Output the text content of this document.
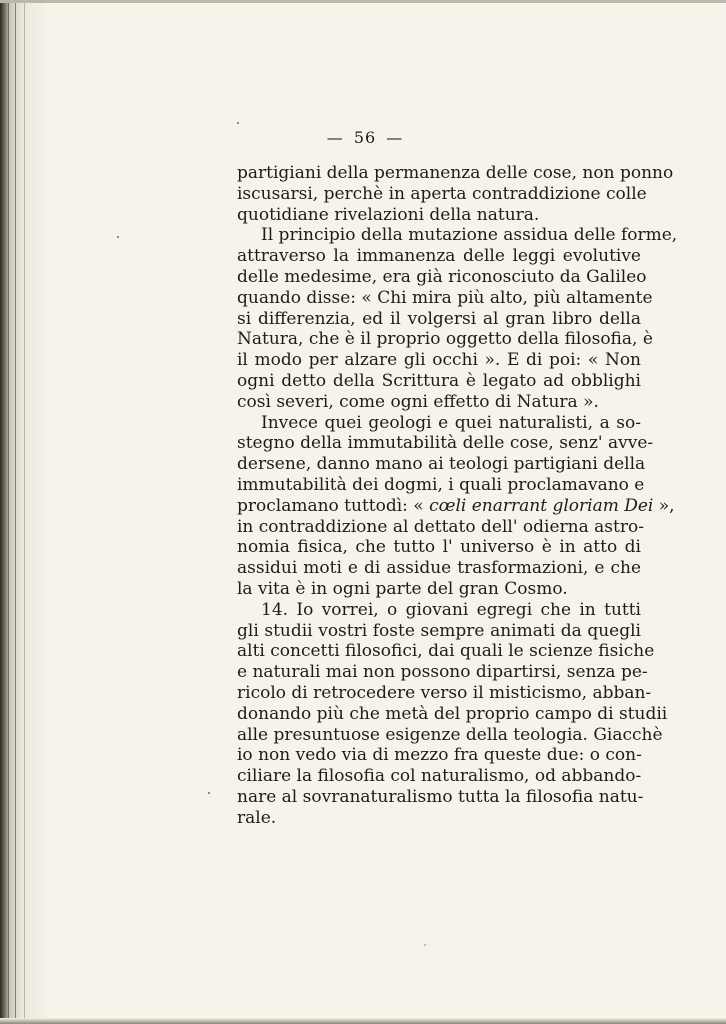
— 56 —
partigiani della permanenza delle cose, non ponno
iscusarsi, perchè in aperta contraddizione colle
quotidiane rivelazioni della natura.
Il principio della mutazione assidua delle forme,
attraverso la immanenza delle leggi evolutive
delle medesime, era già riconosciuto da Galileo
quando disse: « Chi mira più alto, più altamente
si differenzia, ed il volgersi al gran libro della
Natura, che è il proprio oggetto della filosofia, è
il modo per alzare gli occhi ». E di poi: « Non
ogni detto della Scrittura è legato ad obblighi
così severi, come ogni effetto di Natura ».
Invece quei geologi e quei naturalisti, a so-
stegno della immutabilità delle cose, senz' avve-
dersene, danno mano ai teologi partigiani della
immutabilità dei dogmi, i quali proclamavano e
proclamano tuttodì: « cœli enarrant gloriam Dei »,
in contraddizione al dettato dell' odierna astro-
nomia fisica, che tutto l' universo è in atto di
assidui moti e di assidue trasformazioni, e che
la vita è in ogni parte del gran Cosmo.
14. Io vorrei, o giovani egregi che in tutti
gli studii vostri foste sempre animati da quegli
alti concetti filosofici, dai quali le scienze fisiche
e naturali mai non possono dipartirsi, senza pe-
ricolo di retrocedere verso il misticismo, abban-
donando più che metà del proprio campo di studii
alle presuntuose esigenze della teologia. Giacchè
io non vedo via di mezzo fra queste due: o con-
ciliare la filosofia col naturalismo, od abbando-
nare al sovranaturalismo tutta la filosofia natu-
rale.
